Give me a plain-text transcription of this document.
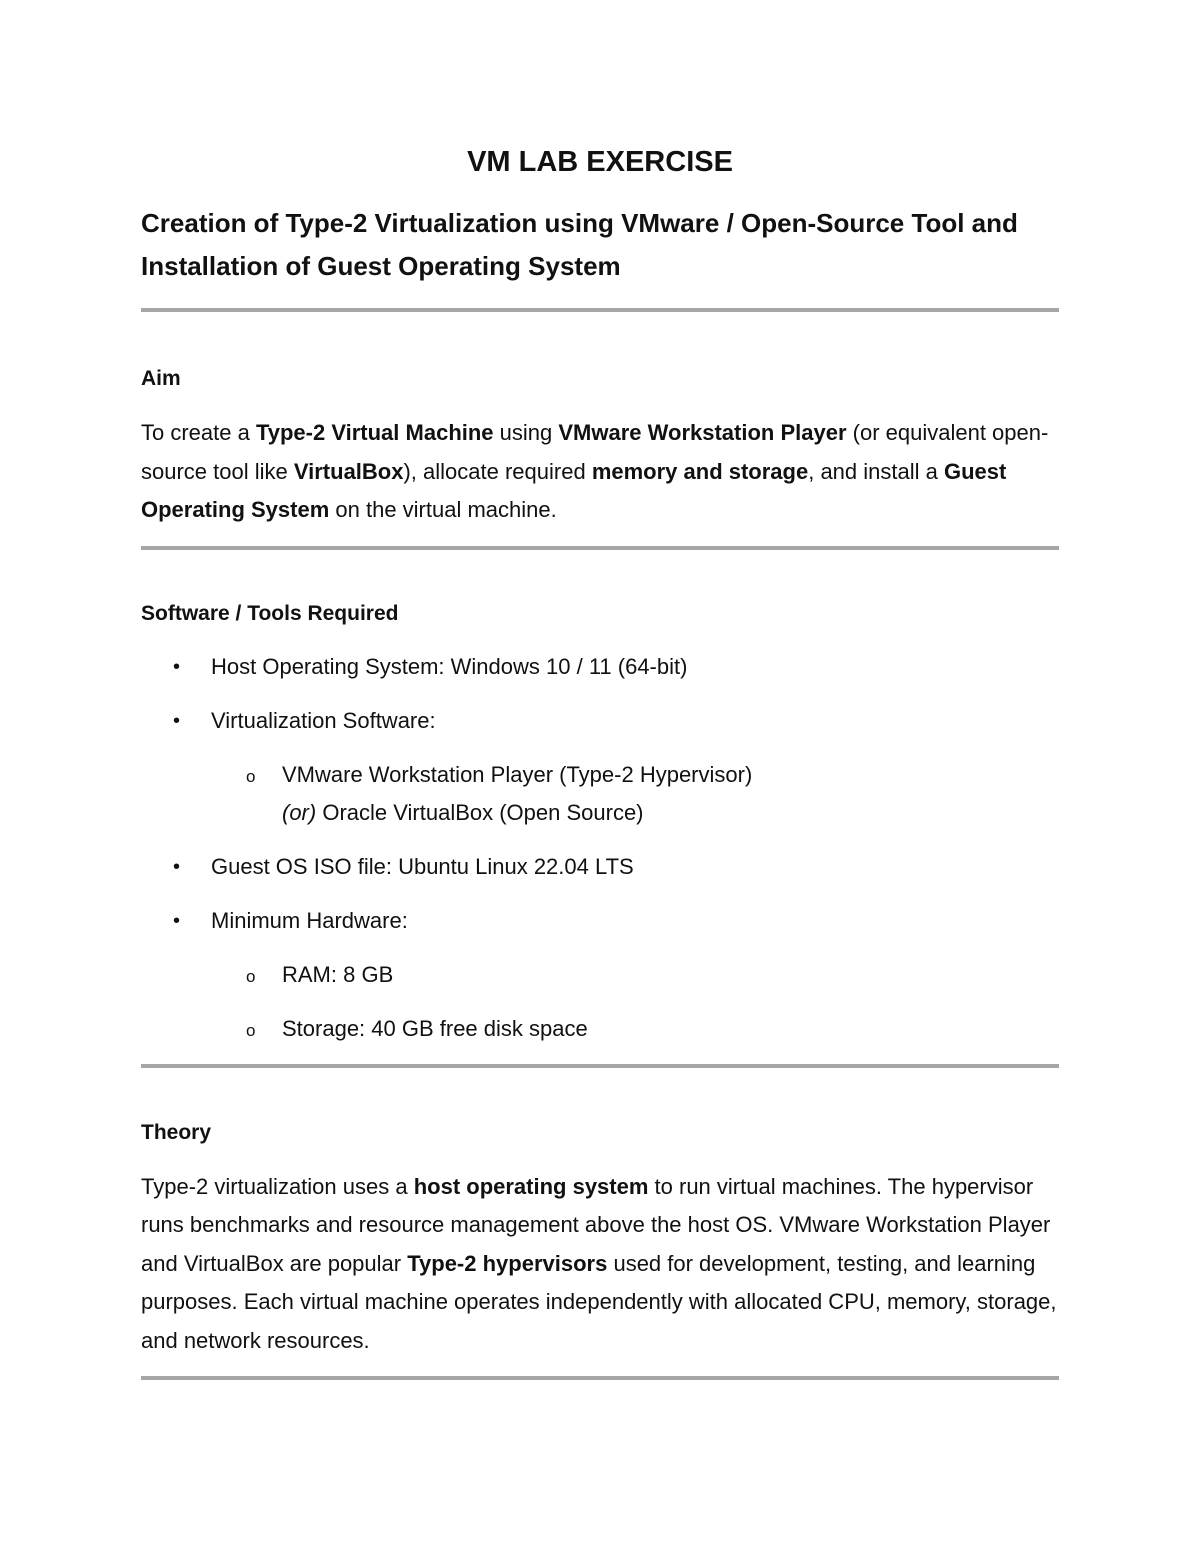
VM LAB EXERCISE
Creation of Type-2 Virtualization using VMware / Open-Source Tool and Installation of Guest Operating System
Aim

To create a Type-2 Virtual Machine using VMware Workstation Player (or equivalent open-source tool like VirtualBox), allocate required memory and storage, and install a Guest Operating System on the virtual machine.

Software / Tools Required
• Host Operating System: Windows 10 / 11 (64-bit)
• Virtualization Software:
o VMware Workstation Player (Type-2 Hypervisor)
(or) Oracle VirtualBox (Open Source)
• Guest OS ISO file: Ubuntu Linux 22.04 LTS
• Minimum Hardware:
o RAM: 8 GB
o Storage: 40 GB free disk space
Theory

Type-2 virtualization uses a host operating system to run virtual machines. The hypervisor runs benchmarks and resource management above the host OS. VMware Workstation Player and VirtualBox are popular Type-2 hypervisors used for development, testing, and learning purposes. Each virtual machine operates independently with allocated CPU, memory, storage, and network resources.
